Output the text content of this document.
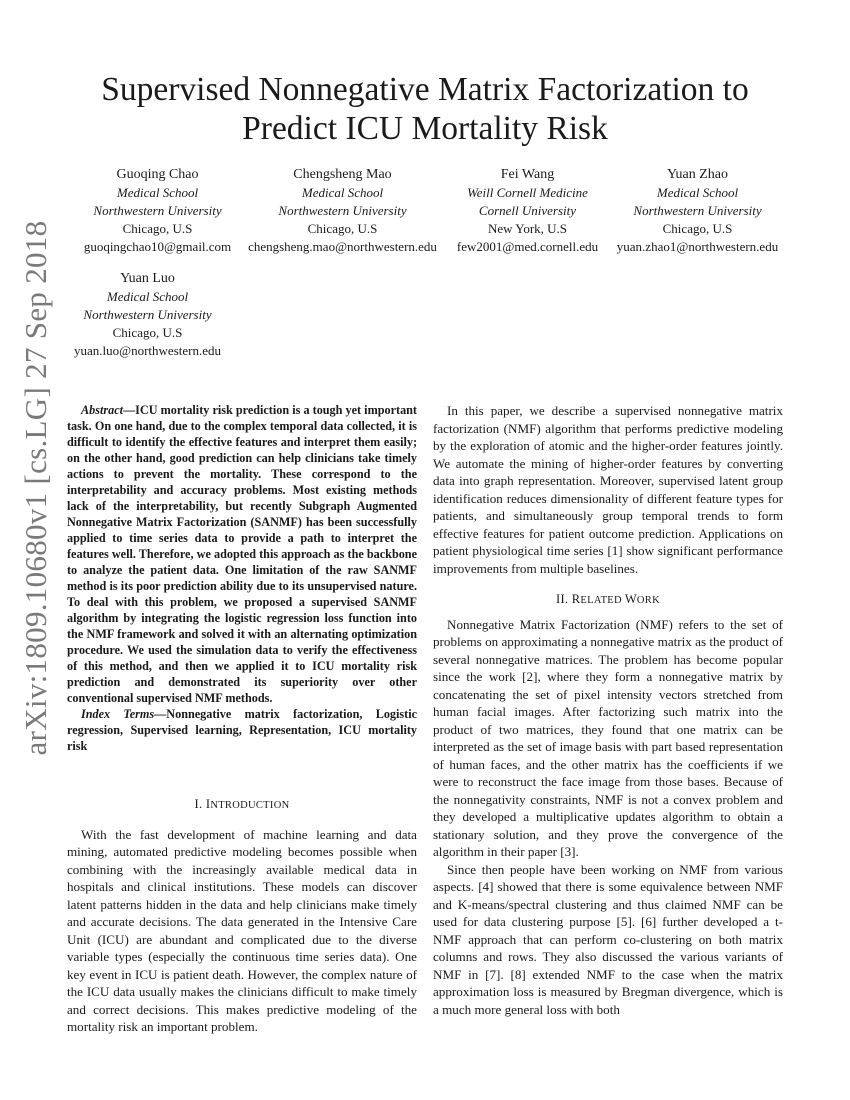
arXiv:1809.10680v1 [cs.LG] 27 Sep 2018
Supervised Nonnegative Matrix Factorization to Predict ICU Mortality Risk
Guoqing Chao
Medical School
Northwestern University
Chicago, U.S
guoqingchao10@gmail.com
Chengsheng Mao
Medical School
Northwestern University
Chicago, U.S
chengsheng.mao@northwestern.edu
Fei Wang
Weill Cornell Medicine
Cornell University
New York, U.S
few2001@med.cornell.edu
Yuan Zhao
Medical School
Northwestern University
Chicago, U.S
yuan.zhao1@northwestern.edu
Yuan Luo
Medical School
Northwestern University
Chicago, U.S
yuan.luo@northwestern.edu

Abstract—ICU mortality risk prediction is a tough yet important task. On one hand, due to the complex temporal data collected, it is difficult to identify the effective features and interpret them easily; on the other hand, good prediction can help clinicians take timely actions to prevent the mortality. These correspond to the interpretability and accuracy problems. Most existing methods lack of the interpretability, but recently Subgraph Augmented Nonnegative Matrix Factorization (SANMF) has been successfully applied to time series data to provide a path to interpret the features well. Therefore, we adopted this approach as the backbone to analyze the patient data. One limitation of the raw SANMF method is its poor prediction ability due to its unsupervised nature. To deal with this problem, we proposed a supervised SANMF algorithm by integrating the logistic regression loss function into the NMF framework and solved it with an alternating optimization procedure. We used the simulation data to verify the effectiveness of this method, and then we applied it to ICU mortality risk prediction and demonstrated its superiority over other conventional supervised NMF methods.

Index Terms—Nonnegative matrix factorization, Logistic regression, Supervised learning, Representation, ICU mortality risk

I. INTRODUCTION

With the fast development of machine learning and data mining, automated predictive modeling becomes possible when combining with the increasingly available medical data in hospitals and clinical institutions. These models can discover latent patterns hidden in the data and help clinicians make timely and accurate decisions. The data generated in the Intensive Care Unit (ICU) are abundant and complicated due to the diverse variable types (especially the continuous time series data). One key event in ICU is patient death. However, the complex nature of the ICU data usually makes the clinicians difficult to make timely and correct decisions. This makes predictive modeling of the mortality risk an important problem.

In this paper, we describe a supervised nonnegative matrix factorization (NMF) algorithm that performs predictive modeling by the exploration of atomic and the higher-order features jointly. We automate the mining of higher-order features by converting data into graph representation. Moreover, supervised latent group identification reduces dimensionality of different feature types for patients, and simultaneously group temporal trends to form effective features for patient outcome prediction. Applications on patient physiological time series [1] show significant performance improvements from multiple baselines.

II. RELATED WORK

Nonnegative Matrix Factorization (NMF) refers to the set of problems on approximating a nonnegative matrix as the product of several nonnegative matrices. The problem has become popular since the work [2], where they form a nonnegative matrix by concatenating the set of pixel intensity vectors stretched from human facial images. After factorizing such matrix into the product of two matrices, they found that one matrix can be interpreted as the set of image basis with part based representation of human faces, and the other matrix has the coefficients if we were to reconstruct the face image from those bases. Because of the nonnegativity constraints, NMF is not a convex problem and they developed a multiplicative updates algorithm to obtain a stationary solution, and they prove the convergence of the algorithm in their paper [3].

Since then people have been working on NMF from various aspects. [4] showed that there is some equivalence between NMF and K-means/spectral clustering and thus claimed NMF can be used for data clustering purpose [5]. [6] further developed a t-NMF approach that can perform co-clustering on both matrix columns and rows. They also discussed the various variants of NMF in [7]. [8] extended NMF to the case when the matrix approximation loss is measured by Bregman divergence, which is a much more general loss with both
